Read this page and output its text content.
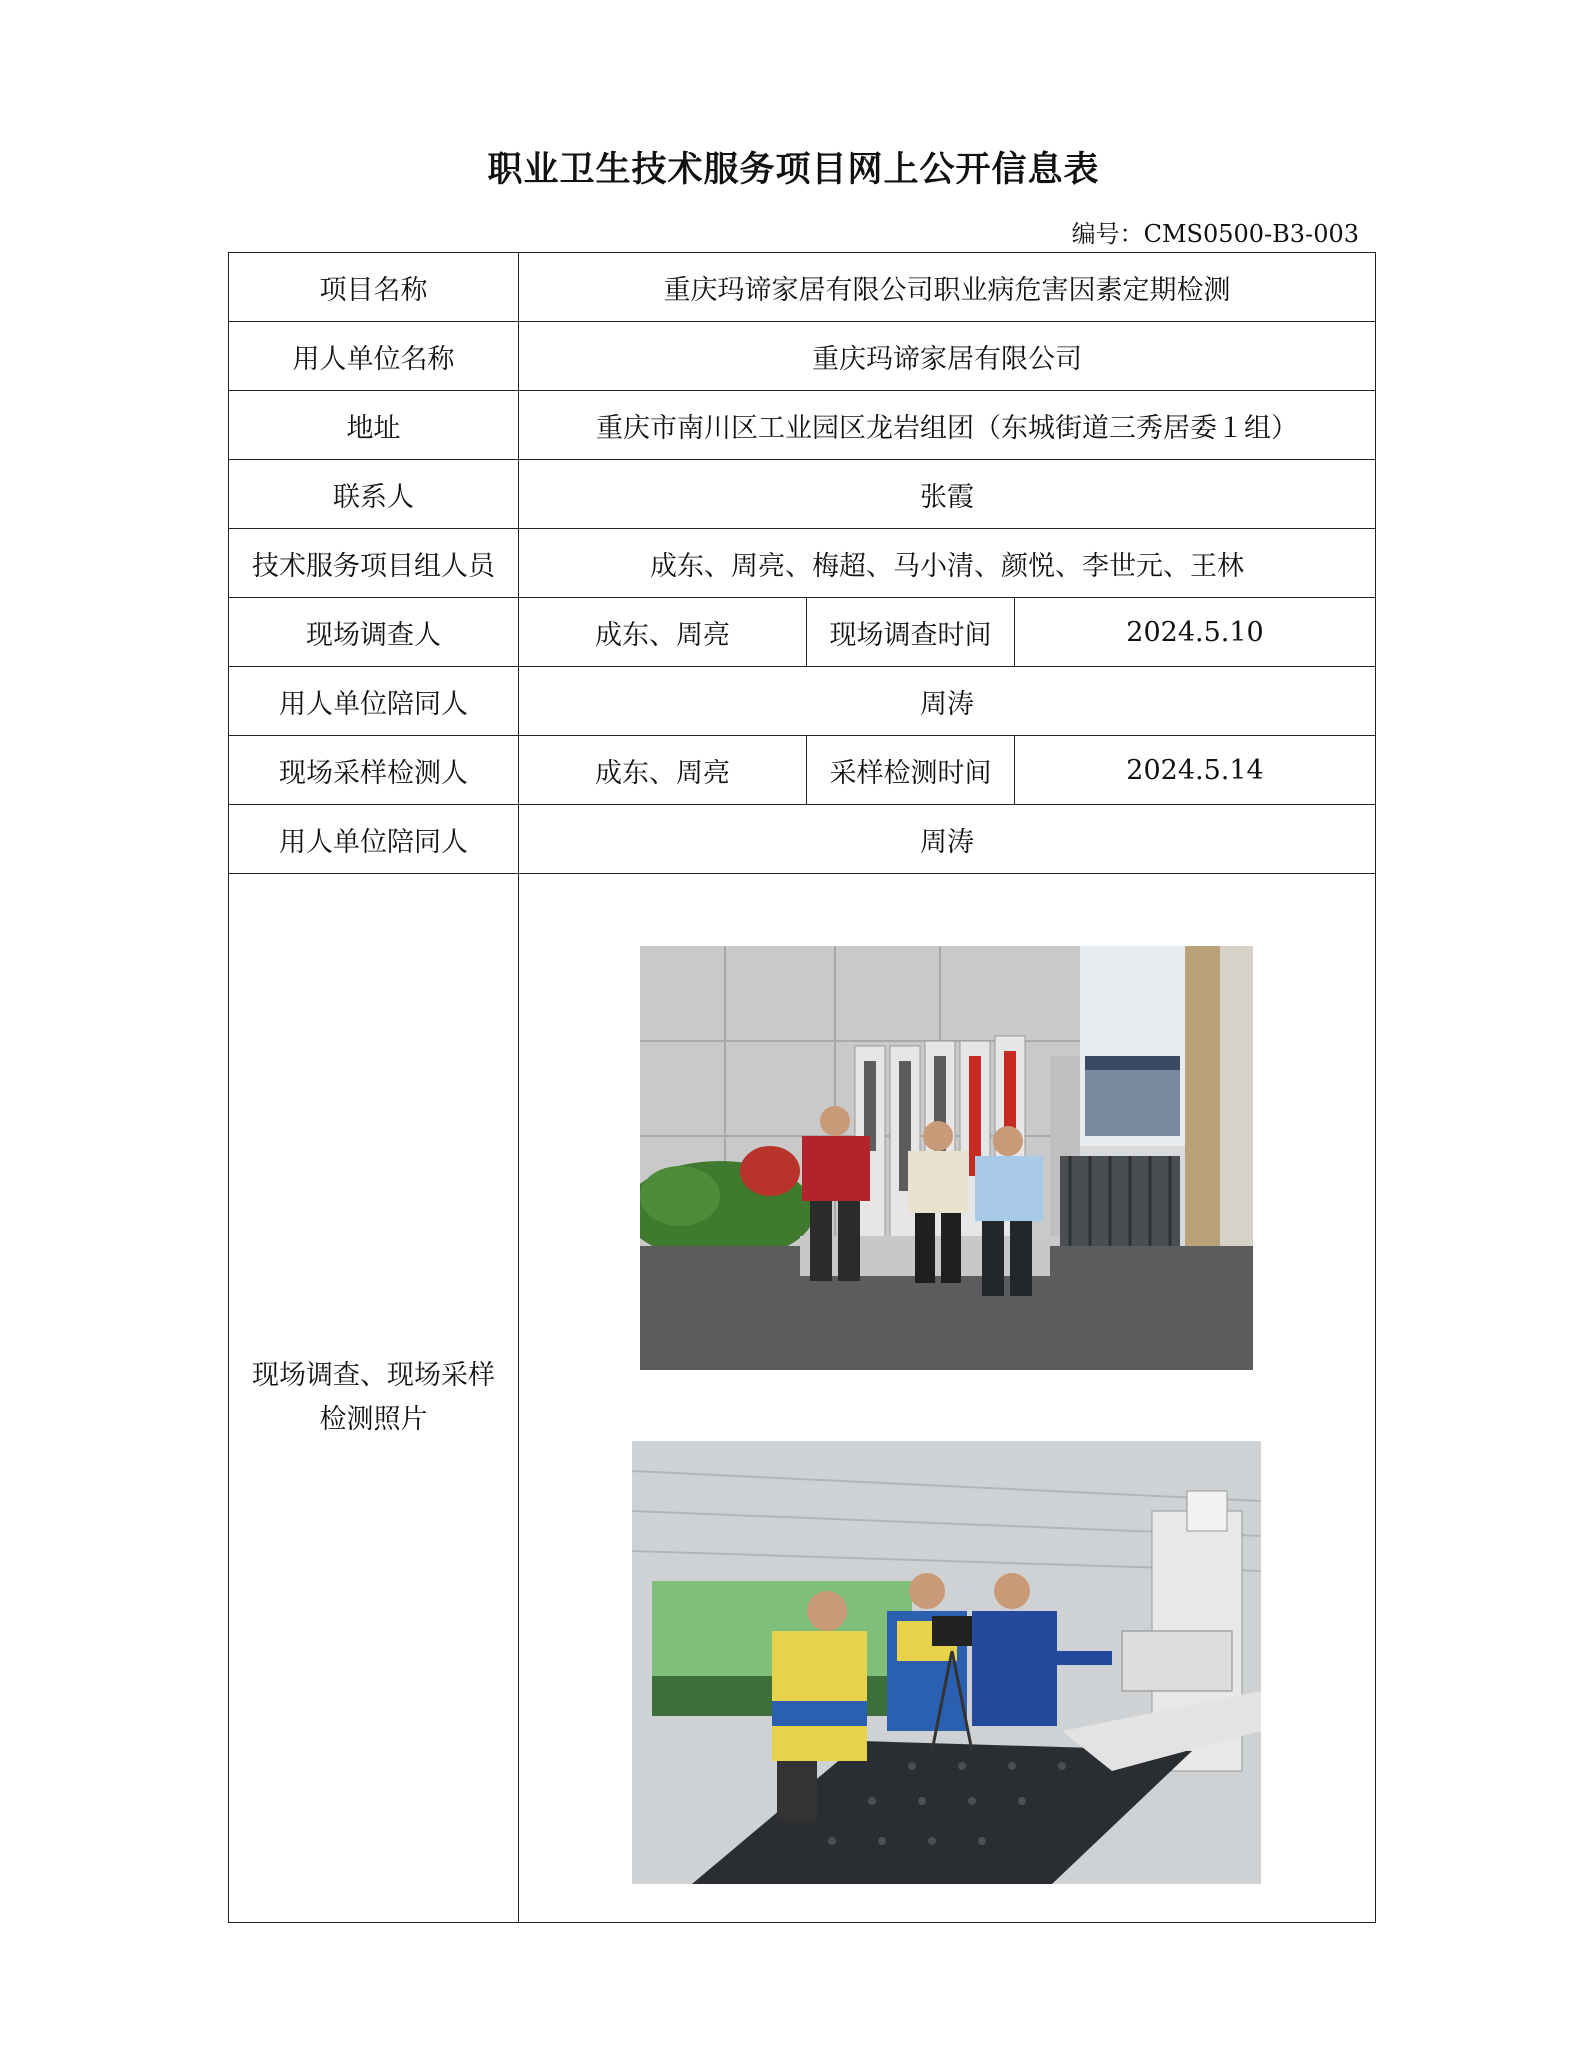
职业卫生技术服务项目网上公开信息表
编号：CMS0500-B3-003
项目名称	重庆玛谛家居有限公司职业病危害因素定期检测		
用人单位名称	重庆玛谛家居有限公司		
地址	重庆市南川区工业园区龙岩组团（东城街道三秀居委１组）		
联系人	张霞		
技术服务项目组人员	成东、周亮、梅超、马小清、颜悦、李世元、王林		
现场调查人	成东、周亮	现场调查时间	2024.5.10
用人单位陪同人	周涛		
现场采样检测人	成东、周亮	采样检测时间	2024.5.14
用人单位陪同人	周涛		

现场调查、现场采样
检测照片			
